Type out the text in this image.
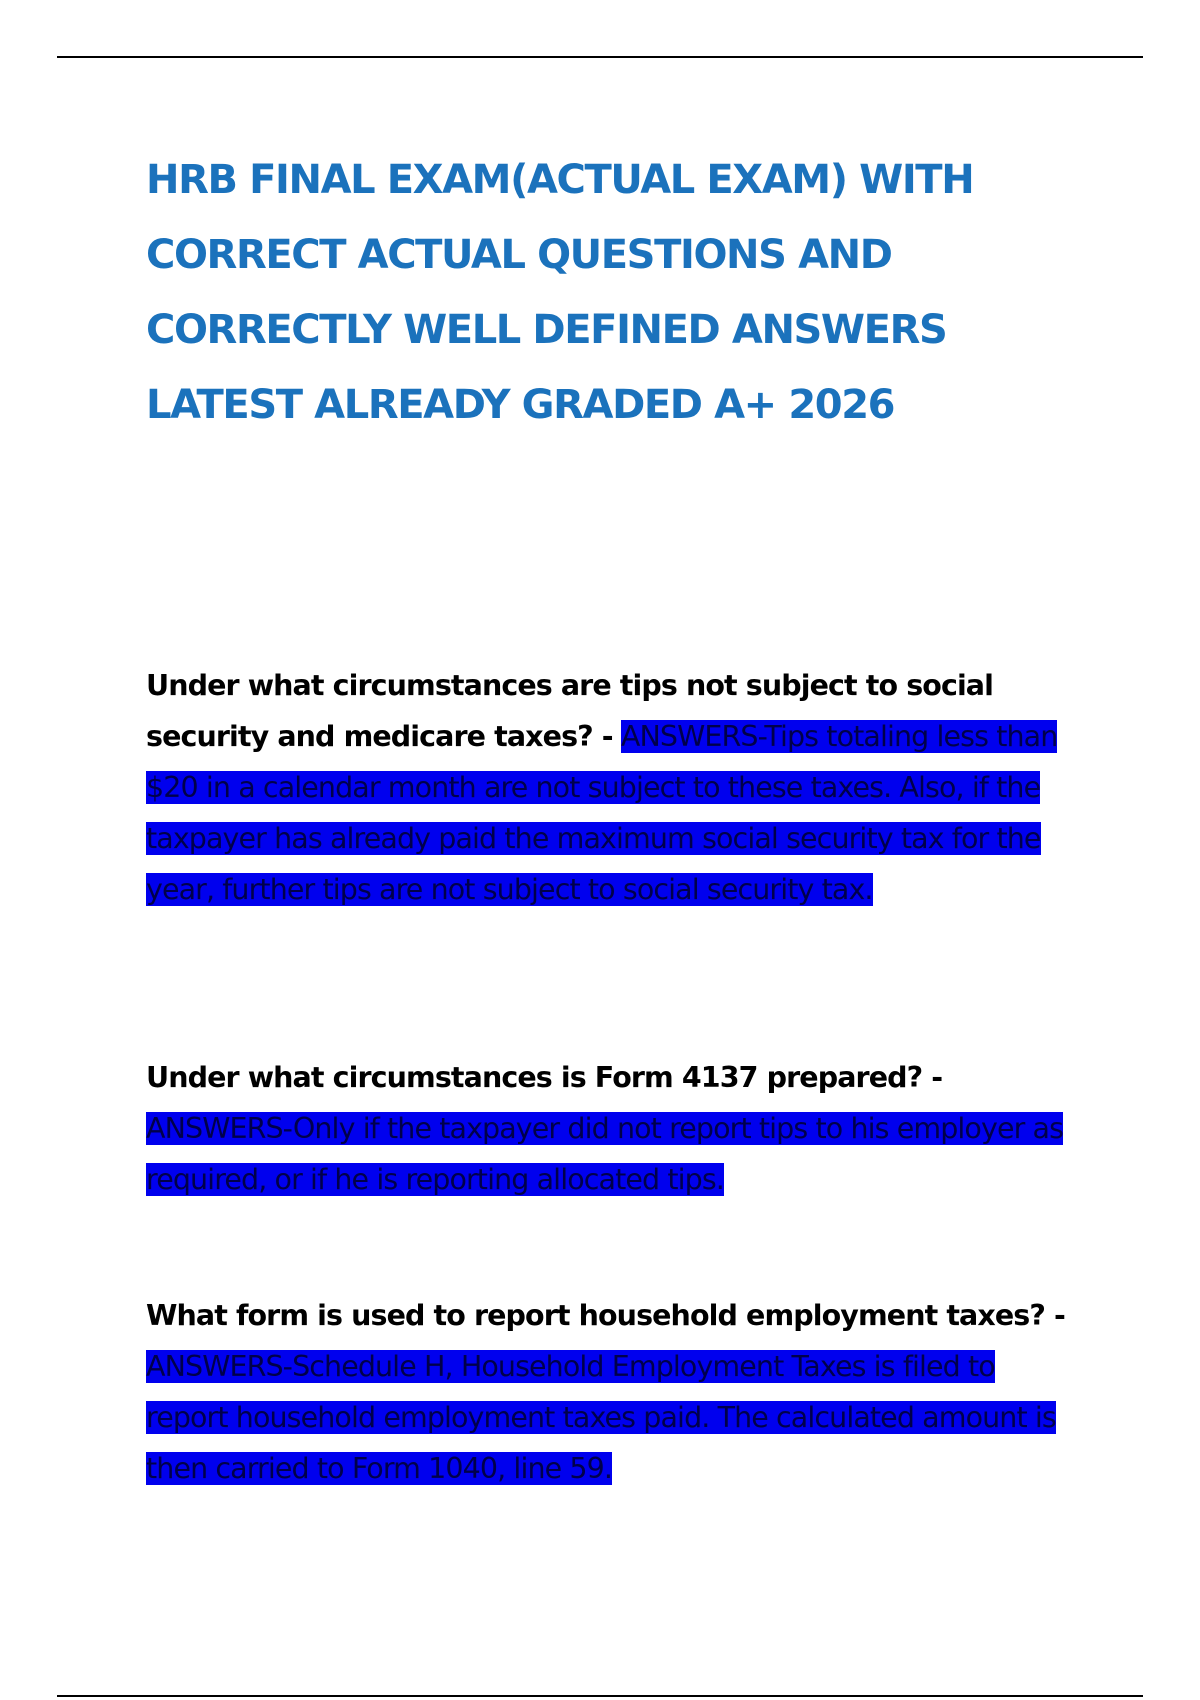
HRB FINAL EXAM(ACTUAL EXAM) WITH CORRECT ACTUAL QUESTIONS AND CORRECTLY WELL DEFINED ANSWERS LATEST ALREADY GRADED A+ 2026

Under what circumstances are tips not subject to social security and medicare taxes? - ANSWERS-Tips totaling less than $20 in a calendar month are not subject to these taxes. Also, if the taxpayer has already paid the maximum social security tax for the year, further tips are not subject to social security tax.

Under what circumstances is Form 4137 prepared? - ANSWERS-Only if the taxpayer did not report tips to his employer as required, or if he is reporting allocated tips.

What form is used to report household employment taxes? - ANSWERS-Schedule H, Household Employment Taxes is filed to report household employment taxes paid. The calculated amount is then carried to Form 1040, line 59.
